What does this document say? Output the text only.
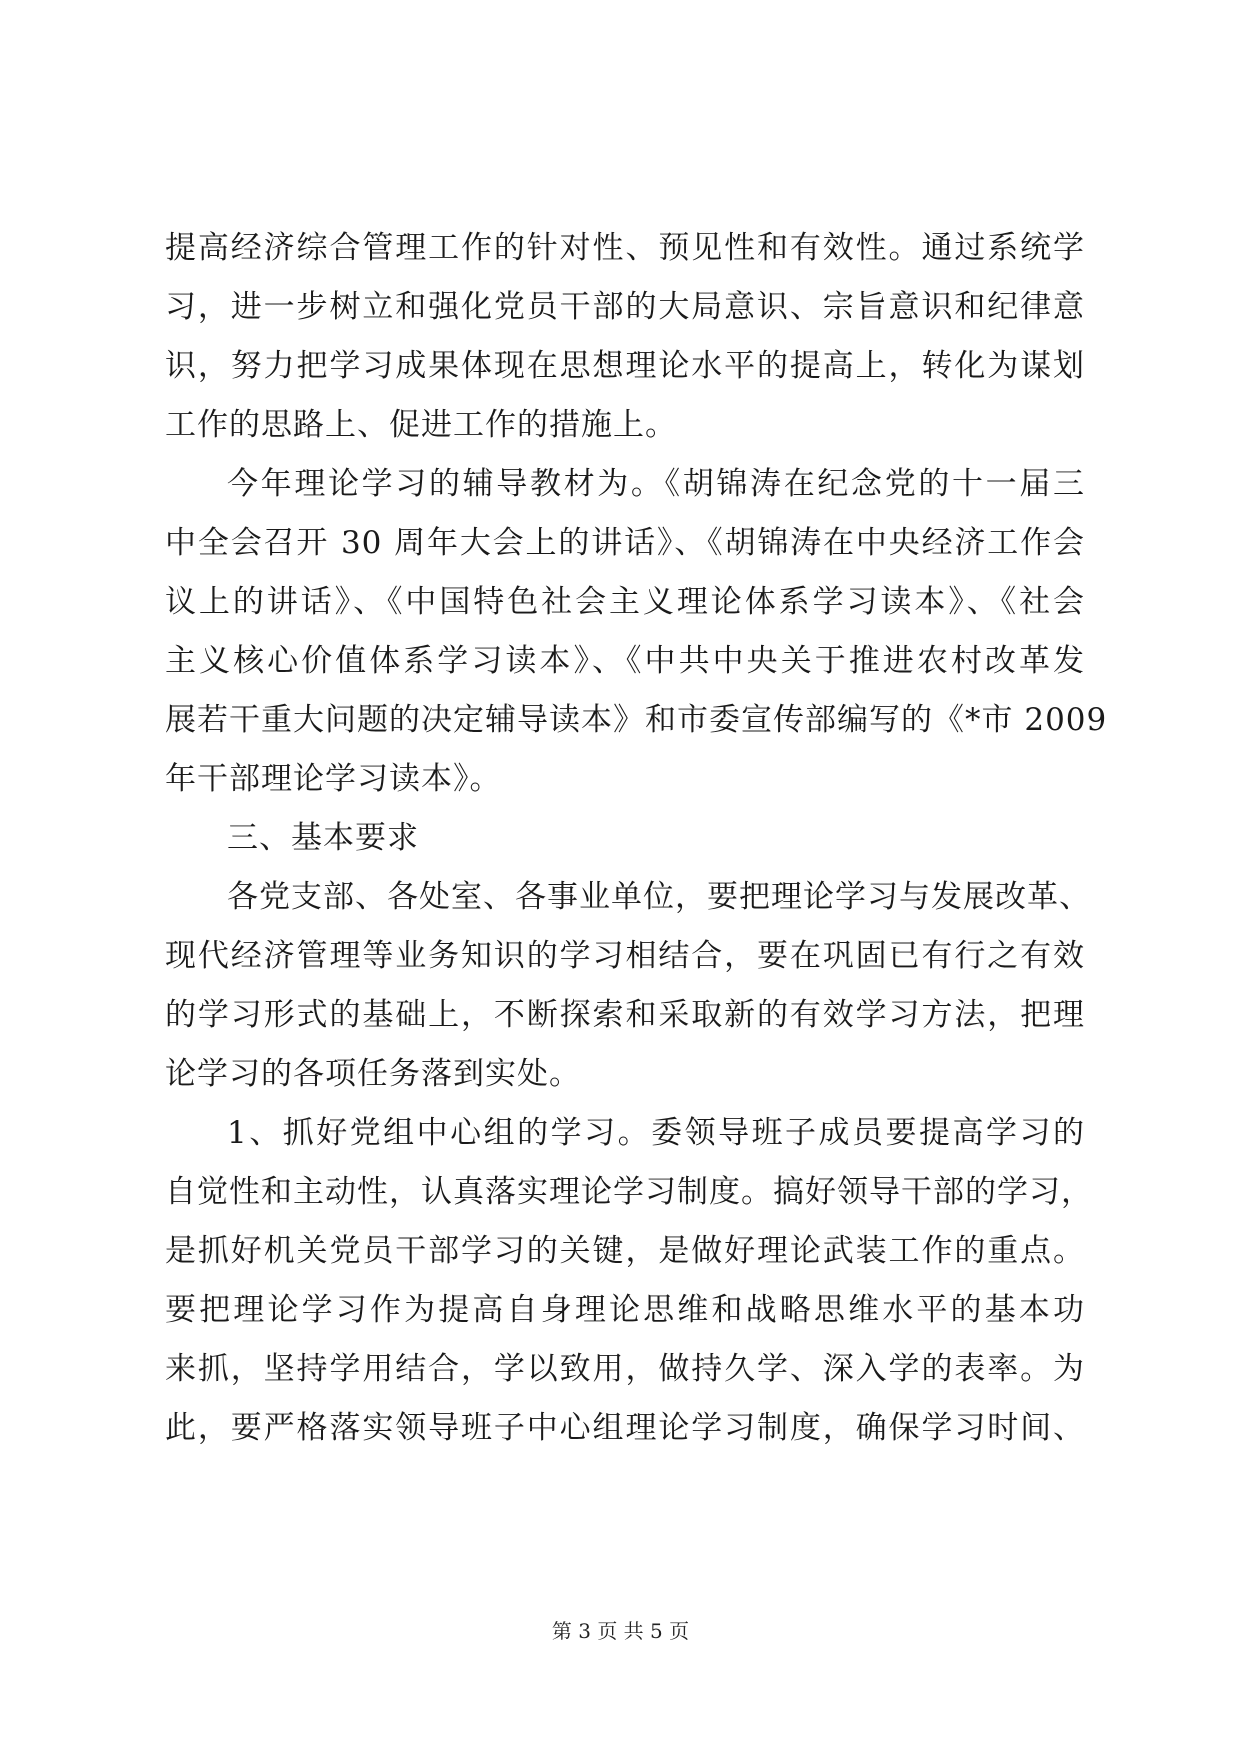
提高经济综合管理工作的针对性、预见性和有效性。通过系统学
习，进一步树立和强化党员干部的大局意识、宗旨意识和纪律意
识，努力把学习成果体现在思想理论水平的提高上，转化为谋划
工作的思路上、促进工作的措施上。
今年理论学习的辅导教材为。《胡锦涛在纪念党的十一届三
中全会召开 30 周年大会上的讲话》、《胡锦涛在中央经济工作会
议上的讲话》、《中国特色社会主义理论体系学习读本》、《社会
主义核心价值体系学习读本》、《中共中央关于推进农村改革发
展若干重大问题的决定辅导读本》和市委宣传部编写的《*市 2009
年干部理论学习读本》。
三、基本要求
各党支部、各处室、各事业单位，要把理论学习与发展改革、
现代经济管理等业务知识的学习相结合，要在巩固已有行之有效
的学习形式的基础上，不断探索和采取新的有效学习方法，把理
论学习的各项任务落到实处。
1、抓好党组中心组的学习。委领导班子成员要提高学习的
自觉性和主动性，认真落实理论学习制度。搞好领导干部的学习，
是抓好机关党员干部学习的关键，是做好理论武装工作的重点。
要把理论学习作为提高自身理论思维和战略思维水平的基本功
来抓，坚持学用结合，学以致用，做持久学、深入学的表率。为
此，要严格落实领导班子中心组理论学习制度，确保学习时间、
第 3 页 共 5 页
